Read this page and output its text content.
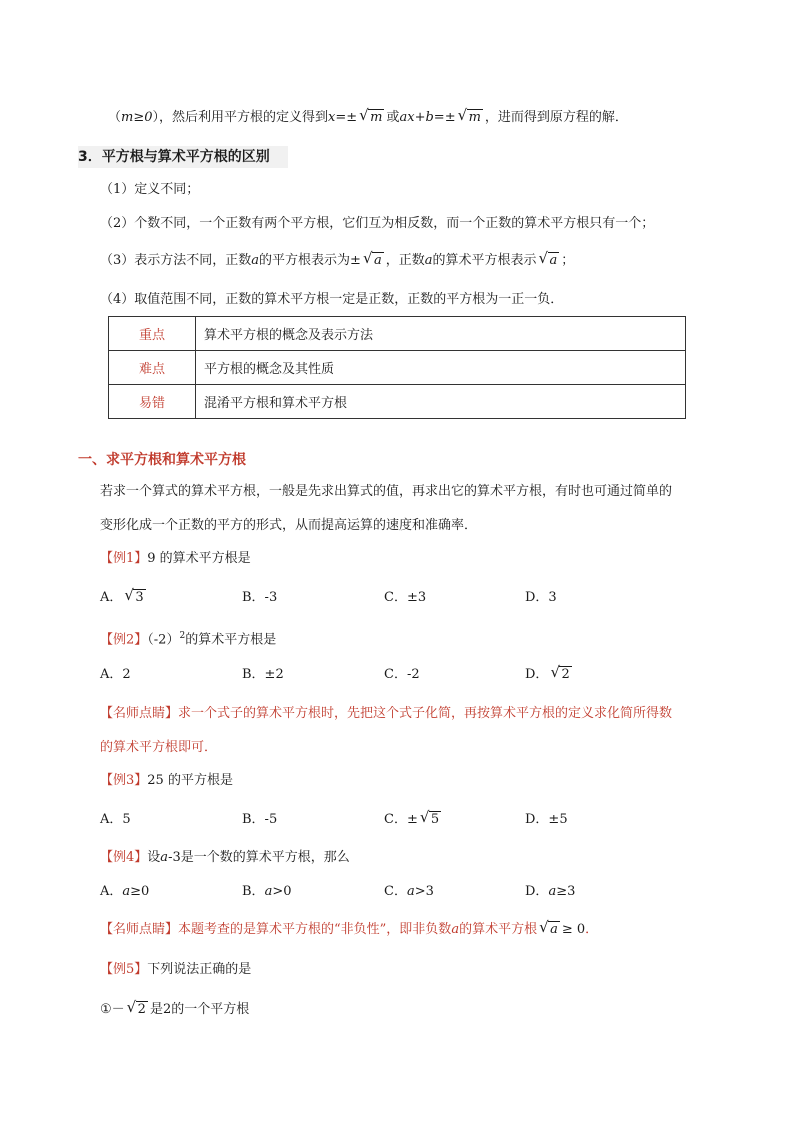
（m≥0），然后利用平方根的定义得到x=± √ m 或ax+b=± √ m ，进而得到原方程的解．
3．平方根与算术平方根的区别
（1）定义不同；
（2）个数不同，一个正数有两个平方根，它们互为相反数，而一个正数的算术平方根只有一个；
（3）表示方法不同，正数a的平方根表示为± √ a ，正数a的算术平方根表示 √ a ；
（4）取值范围不同，正数的算术平方根一定是正数，正数的平方根为一正一负．
重点	算术平方根的概念及表示方法
难点	平方根的概念及其性质
易错	混淆平方根和算术平方根
一、求平方根和算术平方根
若求一个算式的算术平方根，一般是先求出算式的值，再求出它的算术平方根，有时也可通过简单的
变形化成一个正数的平方的形式，从而提高运算的速度和准确率．
【例1】9 的算术平方根是
A． √ 3	B．-3	C．±3	D．3
【例2】$(-2)^2$的算术平方根是
A．2	B．±2	C．-2	D． √ 2
【名师点睛】求一个式子的算术平方根时，先把这个式子化简，再按算术平方根的定义求化简所得数
的算术平方根即可．
【例3】25 的平方根是
A．5	B．-5	C．± √ 5	D．±5
【例4】设a-3是一个数的算术平方根，那么
A．a≥0	B．a>0	C．a>3	D．a≥3
【名师点睛】本题考查的是算术平方根的“非负性”，即非负数a的算术平方根 √ a ≥ 0．
【例5】下列说法正确的是
①－ √ 2 是2的一个平方根
